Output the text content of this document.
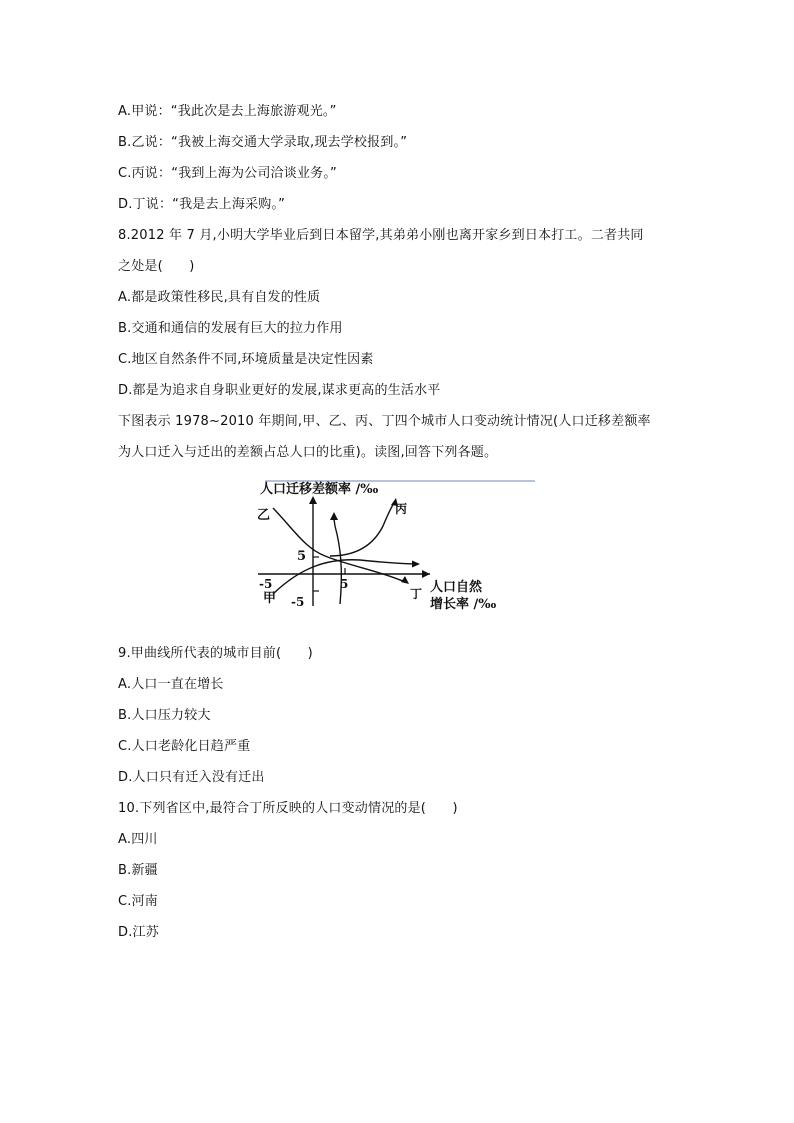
A.甲说：“我此次是去上海旅游观光。”
B.乙说：“我被上海交通大学录取,现去学校报到。”
C.丙说：“我到上海为公司洽谈业务。”
D.丁说：“我是去上海采购。”
8.2012 年 7 月,小明大学毕业后到日本留学,其弟弟小刚也离开家乡到日本打工。二者共同
之处是(　　)
A.都是政策性移民,具有自发的性质
B.交通和通信的发展有巨大的拉力作用
C.地区自然条件不同,环境质量是决定性因素
D.都是为追求自身职业更好的发展,谋求更高的生活水平
下图表示 1978~2010 年期间,甲、乙、丙、丁四个城市人口变动统计情况(人口迁移差额率
为人口迁入与迁出的差额占总人口的比重)。读图,回答下列各题。
人口迁移差额率 /‰
乙	丙
5
-5	5
甲 -5
丁 人口自然
增长率 /‰
9.甲曲线所代表的城市目前(　　)
A.人口一直在增长
B.人口压力较大
C.人口老龄化日趋严重
D.人口只有迁入没有迁出
10.下列省区中,最符合丁所反映的人口变动情况的是(　　)
A.四川
B.新疆
C.河南
D.江苏
